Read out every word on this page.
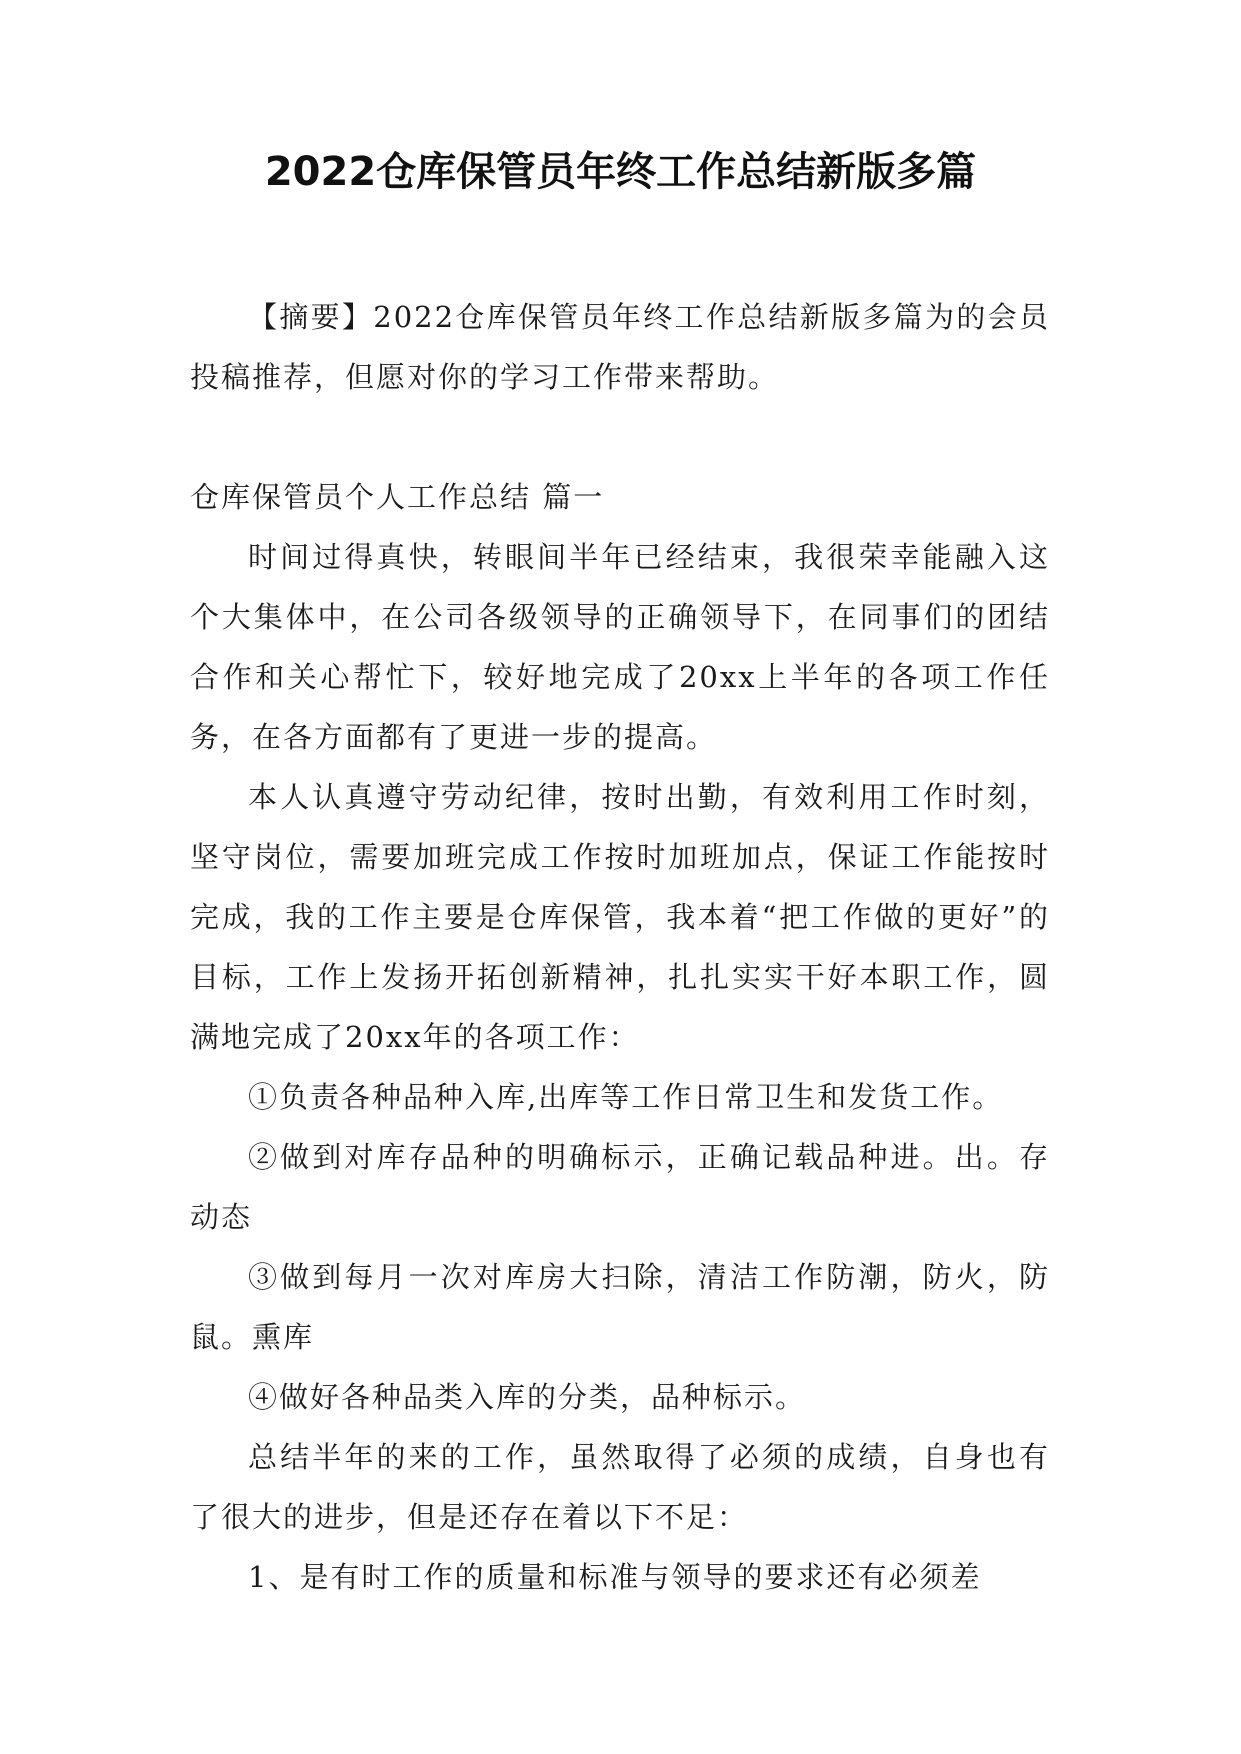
2022仓库保管员年终工作总结新版多篇

【摘要】2022仓库保管员年终工作总结新版多篇为的会员投稿推荐，但愿对你的学习工作带来帮助。

仓库保管员个人工作总结 篇一

时间过得真快，转眼间半年已经结束，我很荣幸能融入这个大集体中，在公司各级领导的正确领导下，在同事们的团结合作和关心帮忙下，较好地完成了20xx上半年的各项工作任务，在各方面都有了更进一步的提高。

本人认真遵守劳动纪律，按时出勤，有效利用工作时刻，坚守岗位，需要加班完成工作按时加班加点，保证工作能按时完成，我的工作主要是仓库保管，我本着“把工作做的更好”的目标，工作上发扬开拓创新精神，扎扎实实干好本职工作，圆满地完成了20xx年的各项工作：

①负责各种品种入库,出库等工作日常卫生和发货工作。

②做到对库存品种的明确标示，正确记载品种进。出。存动态

③做到每月一次对库房大扫除，清洁工作防潮，防火，防鼠。熏库

④做好各种品类入库的分类，品种标示。

总结半年的来的工作，虽然取得了必须的成绩，自身也有了很大的进步，但是还存在着以下不足：

1、是有时工作的质量和标准与领导的要求还有必须差
